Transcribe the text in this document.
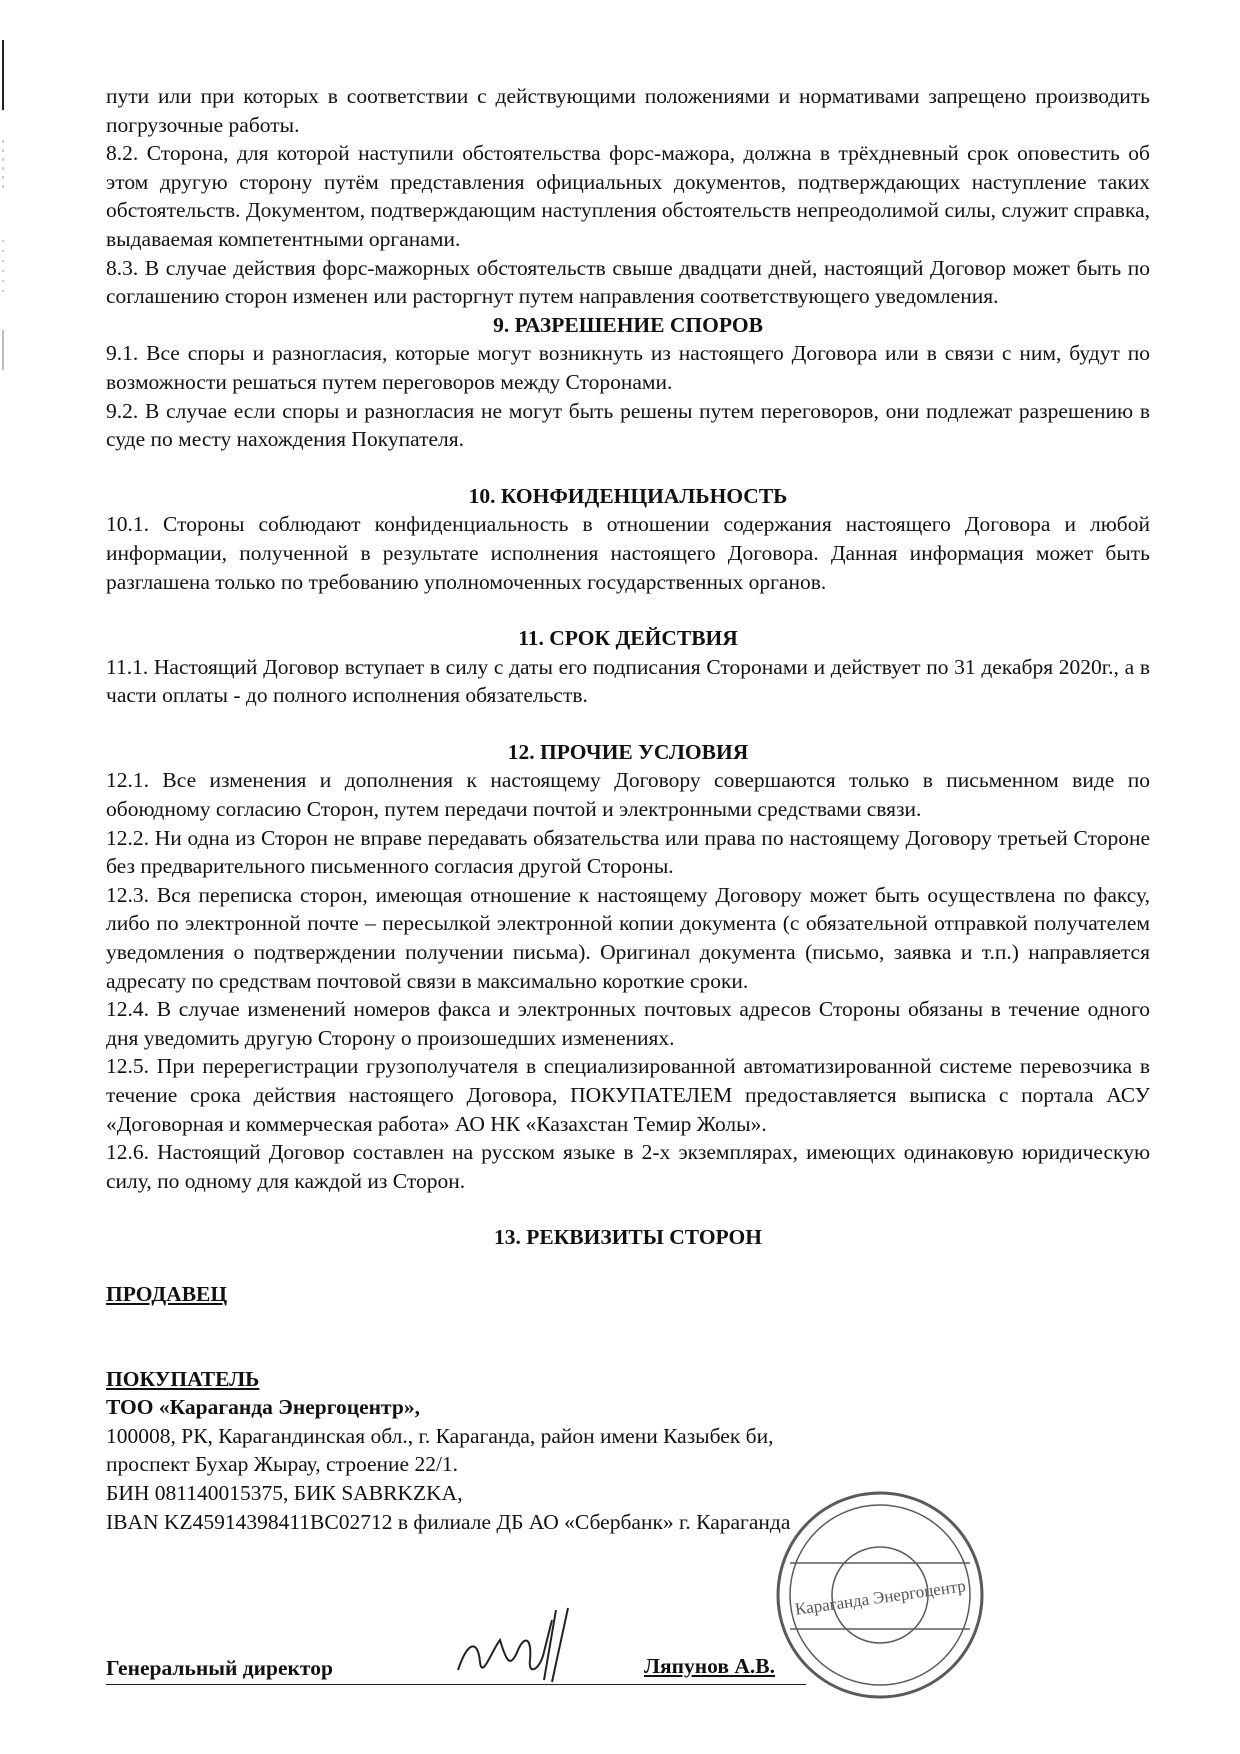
пути или при которых в соответствии с действующими положениями и нормативами запрещено производить погрузочные работы.

8.2. Сторона, для которой наступили обстоятельства форс-мажора, должна в трёхдневный срок оповестить об этом другую сторону путём представления официальных документов, подтверждающих наступление таких обстоятельств. Документом, подтверждающим наступления обстоятельств непреодолимой силы, служит справка, выдаваемая компетентными органами.

8.3. В случае действия форс-мажорных обстоятельств свыше двадцати дней, настоящий Договор может быть по соглашению сторон изменен или расторгнут путем направления соответствующего уведомления.

9. РАЗРЕШЕНИЕ СПОРОВ

9.1. Все споры и разногласия, которые могут возникнуть из настоящего Договора или в связи с ним, будут по возможности решаться путем переговоров между Сторонами.

9.2. В случае если споры и разногласия не могут быть решены путем переговоров, они подлежат разрешению в суде по месту нахождения Покупателя.

10. КОНФИДЕНЦИАЛЬНОСТЬ

10.1. Стороны соблюдают конфиденциальность в отношении содержания настоящего Договора и любой информации, полученной в результате исполнения настоящего Договора. Данная информация может быть разглашена только по требованию уполномоченных государственных органов.

11. СРОК ДЕЙСТВИЯ

11.1. Настоящий Договор вступает в силу с даты его подписания Сторонами и действует по 31 декабря 2020г., а в части оплаты - до полного исполнения обязательств.

12. ПРОЧИЕ УСЛОВИЯ

12.1. Все изменения и дополнения к настоящему Договору совершаются только в письменном виде по обоюдному согласию Сторон, путем передачи почтой и электронными средствами связи.

12.2. Ни одна из Сторон не вправе передавать обязательства или права по настоящему Договору третьей Стороне без предварительного письменного согласия другой Стороны.

12.3. Вся переписка сторон, имеющая отношение к настоящему Договору может быть осуществлена по факсу, либо по электронной почте – пересылкой электронной копии документа (с обязательной отправкой получателем уведомления о подтверждении получении письма). Оригинал документа (письмо, заявка и т.п.) направляется адресату по средствам почтовой связи в максимально короткие сроки.

12.4. В случае изменений номеров факса и электронных почтовых адресов Стороны обязаны в течение одного дня уведомить другую Сторону о произошедших изменениях.

12.5. При перерегистрации грузополучателя в специализированной автоматизированной системе перевозчика в течение срока действия настоящего Договора, ПОКУПАТЕЛЕМ предоставляется выписка с портала АСУ «Договорная и коммерческая работа» АО НК «Казахстан Темир Жолы».

12.6. Настоящий Договор составлен на русском языке в 2-х экземплярах, имеющих одинаковую юридическую силу, по одному для каждой из Сторон.

13. РЕКВИЗИТЫ СТОРОН

ПРОДАВЕЦ

ПОКУПАТЕЛЬ

ТОО «Караганда Энергоцентр»,

100008, РК, Карагандинская обл., г. Караганда, район имени Казыбек би,

проспект Бухар Жырау, строение 22/1.

БИН 081140015375, БИК SABRKZKA,

IBAN KZ45914398411BC02712 в филиале ДБ АО «Сбербанк» г. Караганда

Генеральный директор	Ляпунов А.В.
Караганда Энергоцентр
